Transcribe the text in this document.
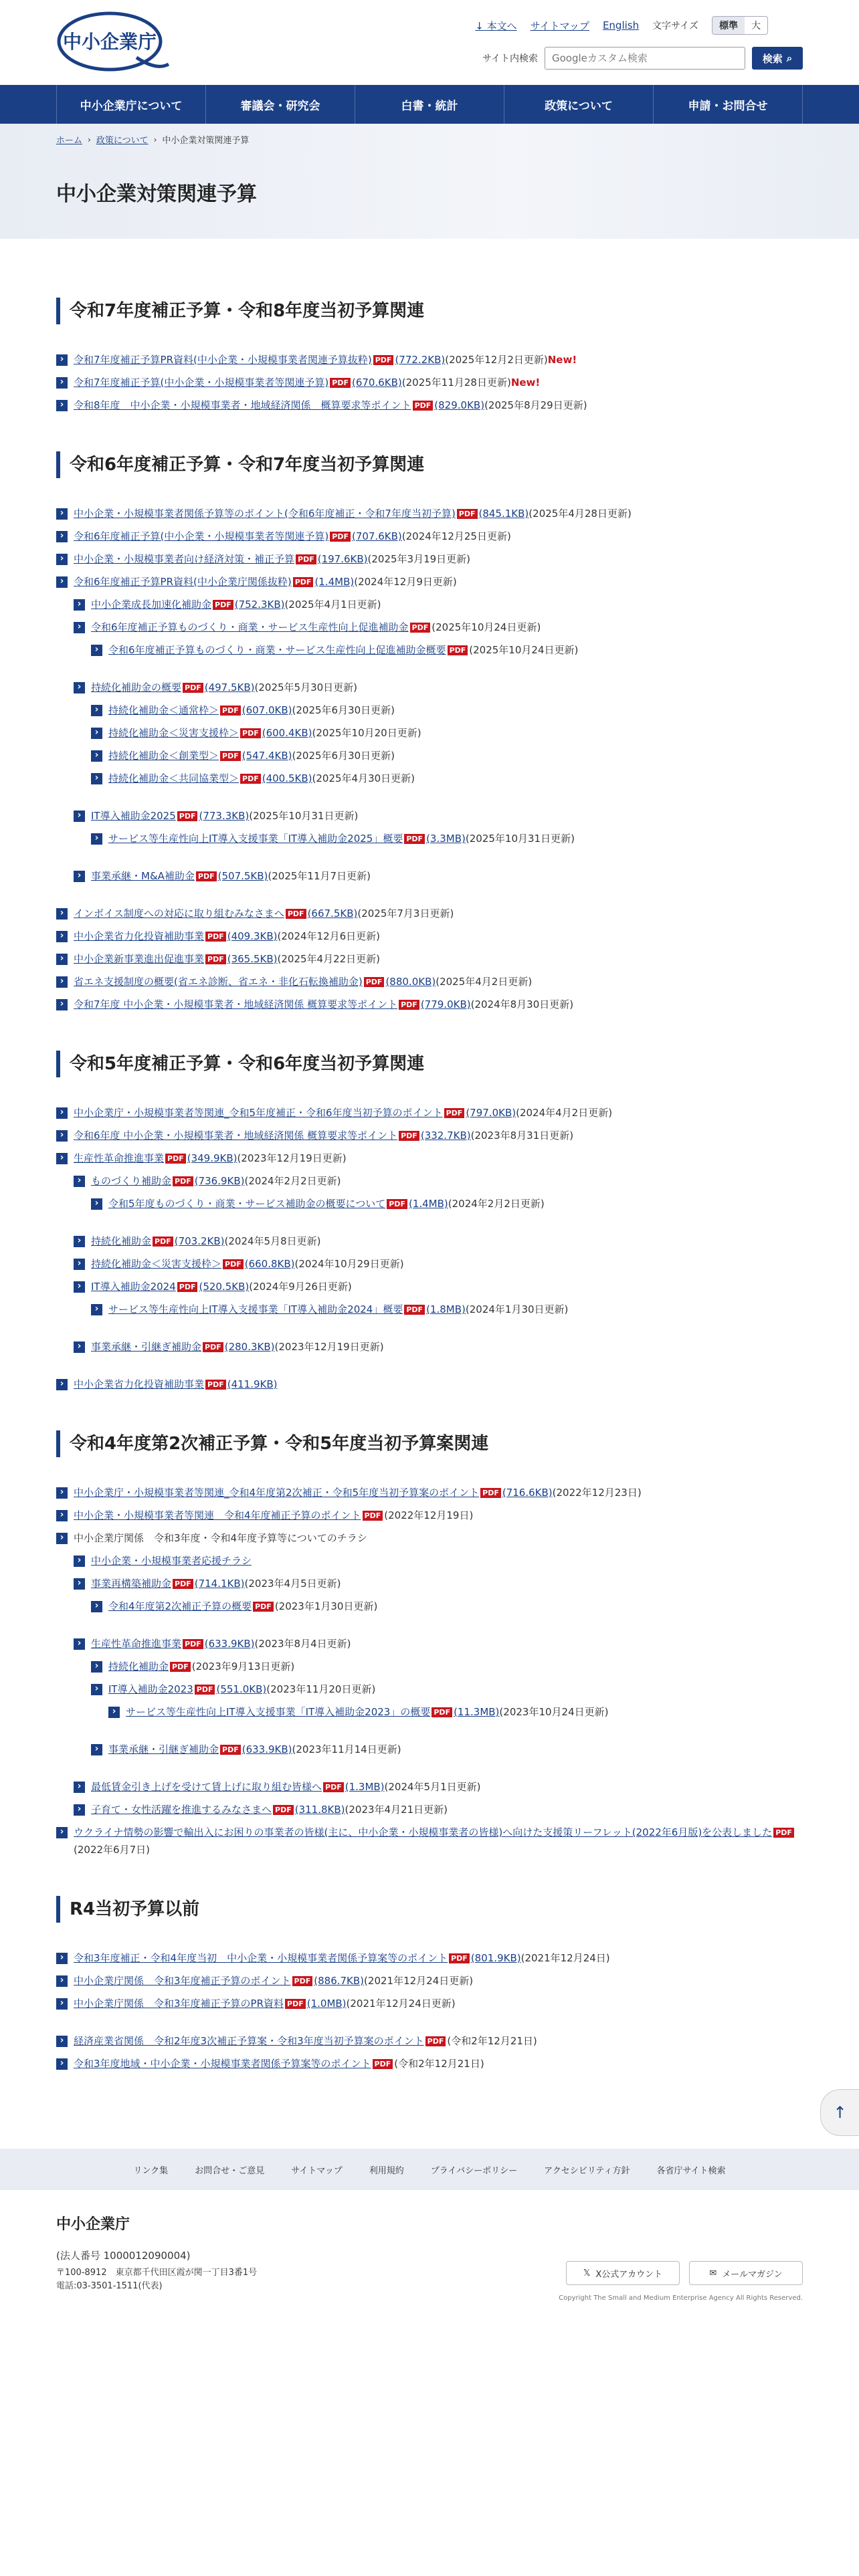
中小企業庁
↓ 本文へ サイトマップ English 文字サイズ	標準	大
サイト内検索
Googleカスタム検索	検索 ⌕
中小企業庁について	審議会・研究会	白書・統計	政策について	申請・お問合せ
ホーム › 政策について › 中小企業対策関連予算
中小企業対策関連予算
令和7年度補正予算・令和8年度当初予算関連
› 令和7年度補正予算PR資料(中小企業・小規模事業者関連予算抜粋) PDF (772.2KB)(2025年12月2日更新)New!
› 令和7年度補正予算(中小企業・小規模事業者等関連予算) PDF (670.6KB)(2025年11月28日更新)New!
› 令和8年度　中小企業・小規模事業者・地域経済関係　概算要求等ポイント PDF (829.0KB)(2025年8月29日更新)
令和6年度補正予算・令和7年度当初予算関連
› 中小企業・小規模事業者関係予算等のポイント(令和6年度補正・令和7年度当初予算) PDF (845.1KB)(2025年4月28日更新)
› 令和6年度補正予算(中小企業・小規模事業者等関連予算) PDF (707.6KB)(2024年12月25日更新)
› 中小企業・小規模事業者向け経済対策・補正予算 PDF (197.6KB)(2025年3月19日更新)
› 令和6年度補正予算PR資料(中小企業庁関係抜粋) PDF (1.4MB)(2024年12月9日更新)
› 中小企業成長加速化補助金 PDF (752.3KB)(2025年4月1日更新)
› 令和6年度補正予算ものづくり・商業・サービス生産性向上促進補助金 PDF (2025年10月24日更新)
› 令和6年度補正予算ものづくり・商業・サービス生産性向上促進補助金概要 PDF (2025年10月24日更新)
› 持続化補助金の概要 PDF (497.5KB)(2025年5月30日更新)
› 持続化補助金＜通常枠＞ PDF (607.0KB)(2025年6月30日更新)
› 持続化補助金＜災害支援枠＞ PDF (600.4KB)(2025年10月20日更新)
› 持続化補助金＜創業型＞ PDF (547.4KB)(2025年6月30日更新)
› 持続化補助金＜共同協業型＞ PDF (400.5KB)(2025年4月30日更新)
› IT導入補助金2025 PDF (773.3KB)(2025年10月31日更新)
› サービス等生産性向上IT導入支援事業「IT導入補助金2025」概要 PDF (3.3MB)(2025年10月31日更新)
› 事業承継・M&A補助金 PDF (507.5KB)(2025年11月7日更新)
› インボイス制度への対応に取り組むみなさまへ PDF (667.5KB)(2025年7月3日更新)
› 中小企業省力化投資補助事業 PDF (409.3KB)(2024年12月6日更新)
› 中小企業新事業進出促進事業 PDF (365.5KB)(2025年4月22日更新)
› 省エネ支援制度の概要(省エネ診断、省エネ・非化石転換補助金) PDF (880.0KB)(2025年4月2日更新)
› 令和7年度 中小企業・小規模事業者・地域経済関係 概算要求等ポイント PDF (779.0KB)(2024年8月30日更新)
令和5年度補正予算・令和6年度当初予算関連
› 中小企業庁・小規模事業者等関連_令和5年度補正・令和6年度当初予算のポイント PDF (797.0KB)(2024年4月2日更新)
› 令和6年度 中小企業・小規模事業者・地域経済関係 概算要求等ポイント PDF (332.7KB)(2023年8月31日更新)
› 生産性革命推進事業 PDF (349.9KB)(2023年12月19日更新)
› ものづくり補助金 PDF (736.9KB)(2024年2月2日更新)
› 令和5年度ものづくり・商業・サービス補助金の概要について PDF (1.4MB)(2024年2月2日更新)
› 持続化補助金 PDF (703.2KB)(2024年5月8日更新)
› 持続化補助金＜災害支援枠＞ PDF (660.8KB)(2024年10月29日更新)
› IT導入補助金2024 PDF (520.5KB)(2024年9月26日更新)
› サービス等生産性向上IT導入支援事業「IT導入補助金2024」概要 PDF (1.8MB)(2024年1月30日更新)
› 事業承継・引継ぎ補助金 PDF (280.3KB)(2023年12月19日更新)
› 中小企業省力化投資補助事業 PDF (411.9KB)
令和4年度第2次補正予算・令和5年度当初予算案関連
› 中小企業庁・小規模事業者等関連_令和4年度第2次補正・令和5年度当初予算案のポイント PDF (716.6KB)(2022年12月23日)
› 中小企業・小規模事業者等関連　令和4年度補正予算のポイント PDF (2022年12月19日)
› 中小企業庁関係　令和3年度・令和4年度予算等についてのチラシ
› 中小企業・小規模事業者応援チラシ
› 事業再構築補助金 PDF (714.1KB)(2023年4月5日更新)
› 令和4年度第2次補正予算の概要 PDF (2023年1月30日更新)
› 生産性革命推進事業 PDF (633.9KB)(2023年8月4日更新)
› 持続化補助金 PDF (2023年9月13日更新)
› IT導入補助金2023 PDF (551.0KB)(2023年11月20日更新)
› サービス等生産性向上IT導入支援事業「IT導入補助金2023」の概要 PDF (11.3MB)(2023年10月24日更新)
› 事業承継・引継ぎ補助金 PDF (633.9KB)(2023年11月14日更新)
› 最低賃金引き上げを受けて賃上げに取り組む皆様へ PDF (1.3MB)(2024年5月1日更新)
› 子育て・女性活躍を推進するみなさまへ PDF (311.8KB)(2023年4月21日更新)
› ウクライナ情勢の影響で輸出入にお困りの事業者の皆様(主に、中小企業・小規模事業者の皆様)へ向けた支援策リーフレット(2022年6月版)を公表しました PDF(2022年6月7日)
R4当初予算以前
› 令和3年度補正・令和4年度当初　中小企業・小規模事業者関係予算案等のポイント PDF (801.9KB)(2021年12月24日)
› 中小企業庁関係　令和3年度補正予算のポイント PDF (886.7KB)(2021年12月24日更新)
› 中小企業庁関係　令和3年度補正予算のPR資料 PDF (1.0MB)(2021年12月24日更新)
› 経済産業省関係　令和2年度3次補正予算案・令和3年度当初予算案のポイント PDF (令和2年12月21日)
› 令和3年度地域・中小企業・小規模事業者関係予算案等のポイント PDF (令和2年12月21日)
↑
リンク集	お問合せ・ご意見	サイトマップ	利用規約	プライバシーポリシー	アクセシビリティ方針	各省庁サイト検索
中小企業庁
(法人番号 1000012090004)
〒100-8912　東京都千代田区霞が関一丁目3番1号
電話:03-3501-1511(代表)
𝕏 X公式アカウント	✉ メールマガジン
Copyright The Small and Medium Enterprise Agency All Rights Reserved.
